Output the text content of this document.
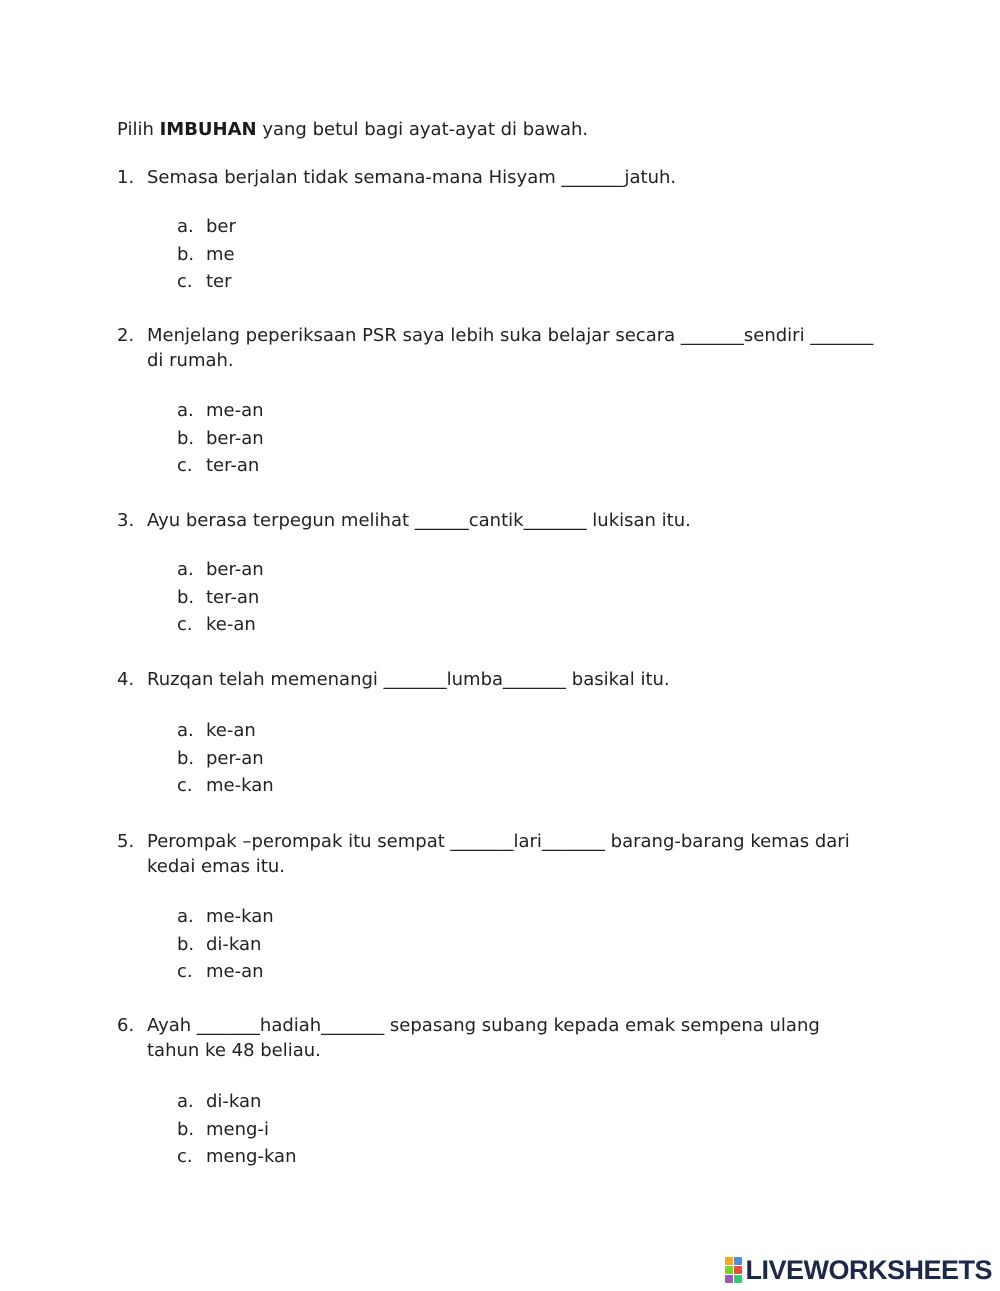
Pilih IMBUHAN yang betul bagi ayat-ayat di bawah.
1. Semasa berjalan tidak semana-mana Hisyam _______jatuh.
a. ber
b. me
c. ter
2. Menjelang peperiksaan PSR saya lebih suka belajar secara _______sendiri _______ di rumah.
a. me-an
b. ber-an
c. ter-an
3. Ayu berasa terpegun melihat ______cantik_______ lukisan itu.
a. ber-an
b. ter-an
c. ke-an
4. Ruzqan telah memenangi _______lumba_______ basikal itu.
a. ke-an
b. per-an
c. me-kan
5. Perompak –perompak itu sempat _______lari_______ barang-barang kemas dari kedai emas itu.
a. me-kan
b. di-kan
c. me-an
6. Ayah _______hadiah_______ sepasang subang kepada emak sempena ulang tahun ke 48 beliau.
a. di-kan
b. meng-i
c. meng-kan
LIVEWORKSHEETS
